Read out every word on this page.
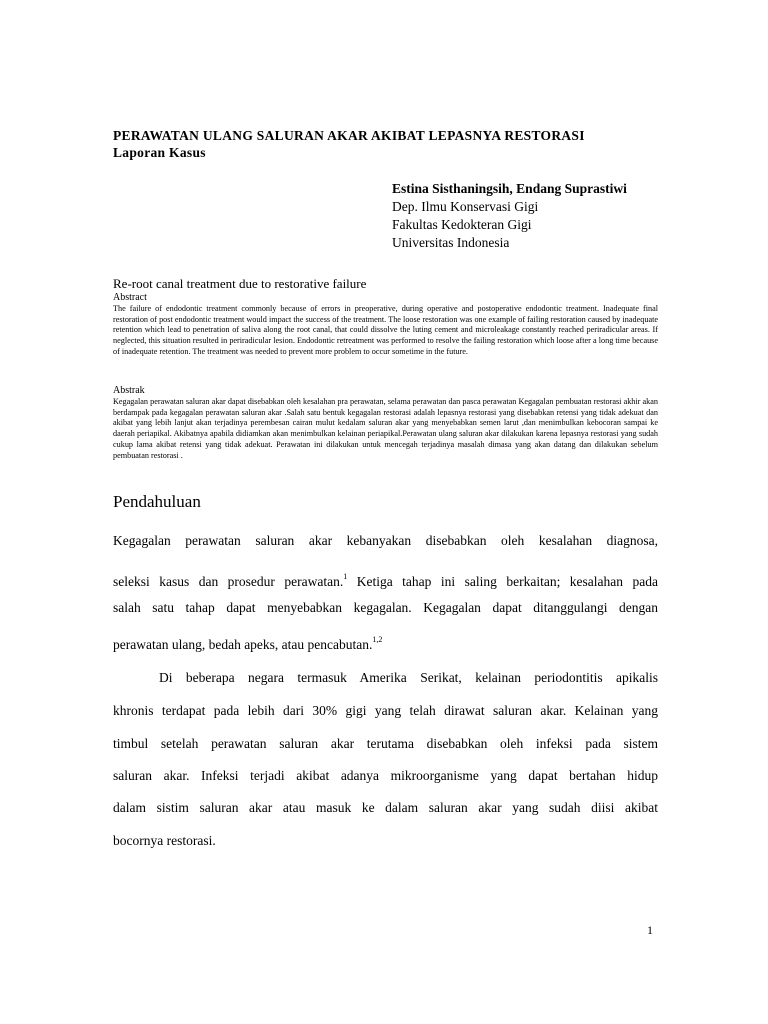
PERAWATAN ULANG SALURAN AKAR AKIBAT LEPASNYA RESTORASI
Laporan Kasus
Estina Sisthaningsih, Endang Suprastiwi
Dep. Ilmu Konservasi Gigi
Fakultas Kedokteran Gigi
Universitas Indonesia
Re-root canal treatment due to restorative failure
Abstract

The failure of endodontic treatment commonly because of errors in preoperative, during operative and postoperative endodontic treatment. Inadequate final restoration of post endodontic treatment would impact the success of the treatment. The loose restoration was one example of failing restoration caused by inadequate retention which lead to penetration of saliva along the root canal, that could dissolve the luting cement and microleakage constantly reached periradicular areas. If neglected, this situation resulted in periradicular lesion. Endodontic retreatment was performed to resolve the failing restoration which loose after a long time because of inadequate retention. The treatment was needed to prevent more problem to occur sometime in the future.

Abstrak

Kegagalan perawatan saluran akar dapat disebabkan oleh kesalahan pra perawatan, selama perawatan dan pasca perawatan Kegagalan pembuatan restorasi akhir akan berdampak pada kegagalan perawatan saluran akar .Salah satu bentuk kegagalan restorasi adalah lepasnya restorasi yang disebabkan retensi yang tidak adekuat dan akibat yang lebih lanjut akan terjadinya perembesan cairan mulut kedalam saluran akar yang menyebabkan semen larut ,dan menimbulkan kebocoran sampai ke daerah periapikal. Akibatnya apabila didiamkan akan menimbulkan kelainan periapikal.Perawatan ulang saluran akar dilakukan karena lepasnya restorasi yang sudah cukup lama akibat retensi yang tidak adekuat. Perawatan ini dilakukan untuk mencegah terjadinya masalah dimasa yang akan datang dan dilakukan sebelum pembuatan restorasi .

Pendahuluan
Kegagalan perawatan saluran akar kebanyakan disebabkan oleh kesalahan diagnosa,
seleksi kasus dan prosedur perawatan.$^1$ Ketiga tahap ini saling berkaitan; kesalahan pada
salah satu tahap dapat menyebabkan kegagalan. Kegagalan dapat ditanggulangi dengan
perawatan ulang, bedah apeks, atau pencabutan.$^{1,2}$
Di beberapa negara termasuk Amerika Serikat, kelainan periodontitis apikalis
khronis terdapat pada lebih dari 30% gigi yang telah dirawat saluran akar. Kelainan yang
timbul setelah perawatan saluran akar terutama disebabkan oleh infeksi pada sistem
saluran akar. Infeksi terjadi akibat adanya mikroorganisme yang dapat bertahan hidup
dalam sistim saluran akar atau masuk ke dalam saluran akar yang sudah diisi akibat
bocornya restorasi.
1
